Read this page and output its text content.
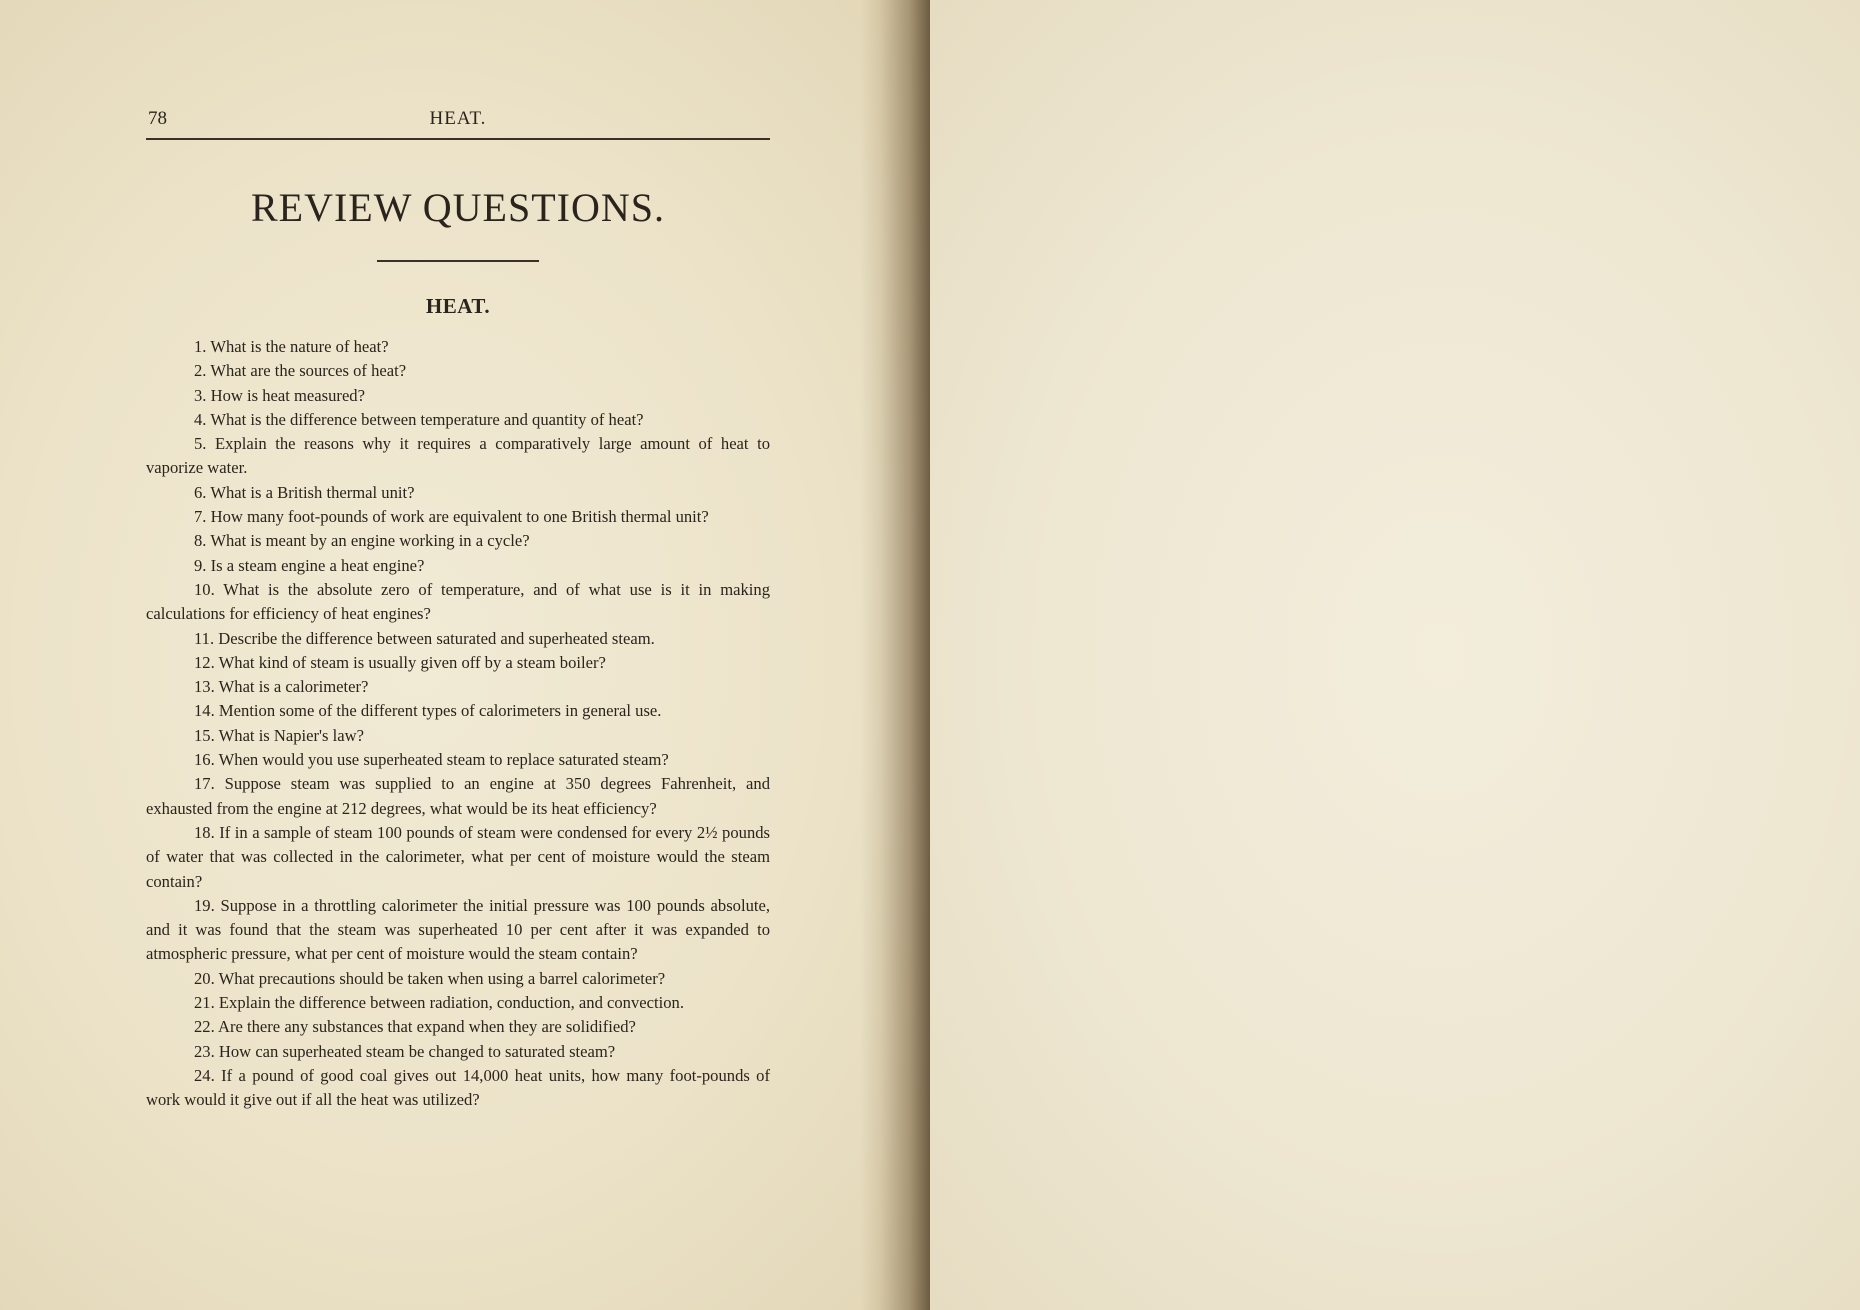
78	HEAT.
REVIEW QUESTIONS.
HEAT.

1. What is the nature of heat?

2. What are the sources of heat?

3. How is heat measured?

4. What is the difference between temperature and quantity of heat?

5. Explain the reasons why it requires a comparatively large amount of heat to vaporize water.

6. What is a British thermal unit?

7. How many foot-pounds of work are equivalent to one British thermal unit?

8. What is meant by an engine working in a cycle?

9. Is a steam engine a heat engine?

10. What is the absolute zero of temperature, and of what use is it in making calculations for efficiency of heat engines?

11. Describe the difference between saturated and superheated steam.

12. What kind of steam is usually given off by a steam boiler?

13. What is a calorimeter?

14. Mention some of the different types of calorimeters in general use.

15. What is Napier's law?

16. When would you use superheated steam to replace saturated steam?

17. Suppose steam was supplied to an engine at 350 degrees Fahrenheit, and exhausted from the engine at 212 degrees, what would be its heat efficiency?

18. If in a sample of steam 100 pounds of steam were condensed for every 2½ pounds of water that was collected in the calorimeter, what per cent of moisture would the steam contain?

19. Suppose in a throttling calorimeter the initial pressure was 100 pounds absolute, and it was found that the steam was superheated 10 per cent after it was expanded to atmospheric pressure, what per cent of moisture would the steam contain?

20. What precautions should be taken when using a barrel calorimeter?

21. Explain the difference between radiation, conduction, and convection.

22. Are there any substances that expand when they are solidified?

23. How can superheated steam be changed to saturated steam?

24. If a pound of good coal gives out 14,000 heat units, how many foot-pounds of work would it give out if all the heat was utilized?
